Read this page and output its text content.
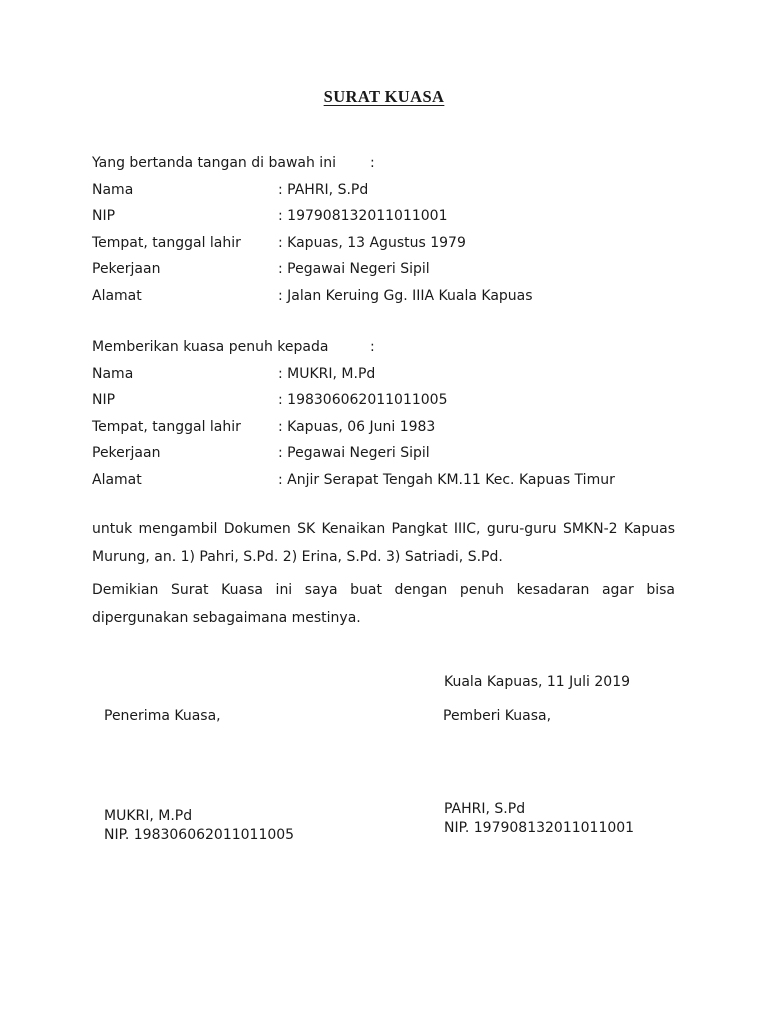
SURAT KUASA
Yang bertanda tangan di bawah ini :
Nama	: PAHRI, S.Pd
NIP	: 197908132011011001
Tempat, tanggal lahir	: Kapuas, 13 Agustus 1979
Pekerjaan	: Pegawai Negeri Sipil
Alamat	: Jalan Keruing Gg. IIIA Kuala Kapuas
Memberikan kuasa penuh kepada	:
Nama	: MUKRI, M.Pd
NIP	: 198306062011011005
Tempat, tanggal lahir	: Kapuas, 06 Juni 1983
Pekerjaan	: Pegawai Negeri Sipil
Alamat	: Anjir Serapat Tengah KM.11 Kec. Kapuas Timur
untuk mengambil Dokumen SK Kenaikan Pangkat IIIC, guru-guru SMKN-2 Kapuas Murung, an. 1) Pahri, S.Pd. 2) Erina, S.Pd. 3) Satriadi, S.Pd.
Demikian Surat Kuasa ini saya buat dengan penuh kesadaran agar bisa dipergunakan sebagaimana mestinya.
Kuala Kapuas, 11 Juli 2019
Penerima Kuasa,	Pemberi Kuasa,
MUKRI, M.Pd
NIP. 198306062011011005
PAHRI, S.Pd
NIP. 197908132011011001
